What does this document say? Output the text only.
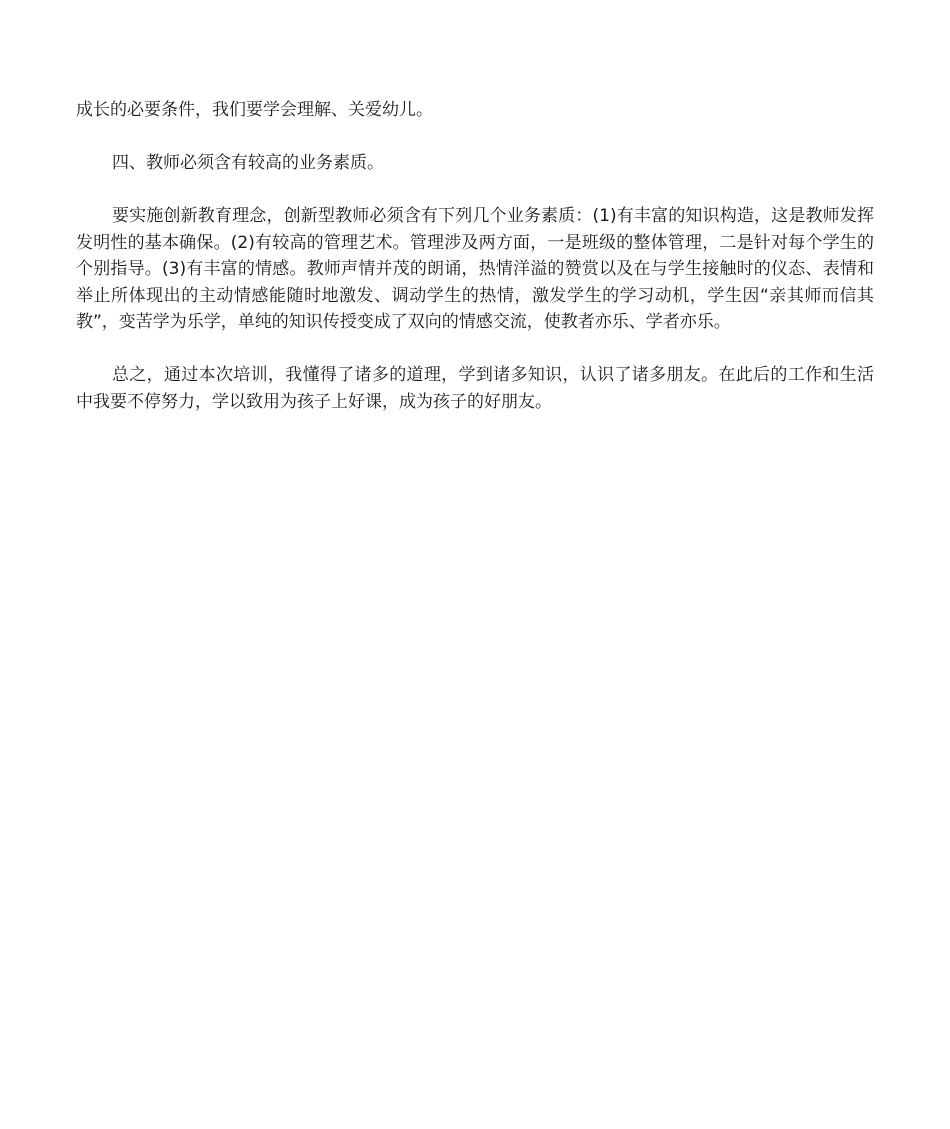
成长的必要条件，我们要学会理解、关爱幼儿。

四、教师必须含有较高的业务素质。

要实施创新教育理念，创新型教师必须含有下列几个业务素质：(1)有丰富的知识构造，这是教师发挥发明性的基本确保。(2)有较高的管理艺术。管理涉及两方面，一是班级的整体管理，二是针对每个学生的个别指导。(3)有丰富的情感。教师声情并茂的朗诵，热情洋溢的赞赏以及在与学生接触时的仪态、表情和举止所体现出的主动情感能随时地激发、调动学生的热情，激发学生的学习动机，学生因“亲其师而信其教”，变苦学为乐学，单纯的知识传授变成了双向的情感交流，使教者亦乐、学者亦乐。

总之，通过本次培训，我懂得了诸多的道理，学到诸多知识，认识了诸多朋友。在此后的工作和生活中我要不停努力，学以致用为孩子上好课，成为孩子的好朋友。
